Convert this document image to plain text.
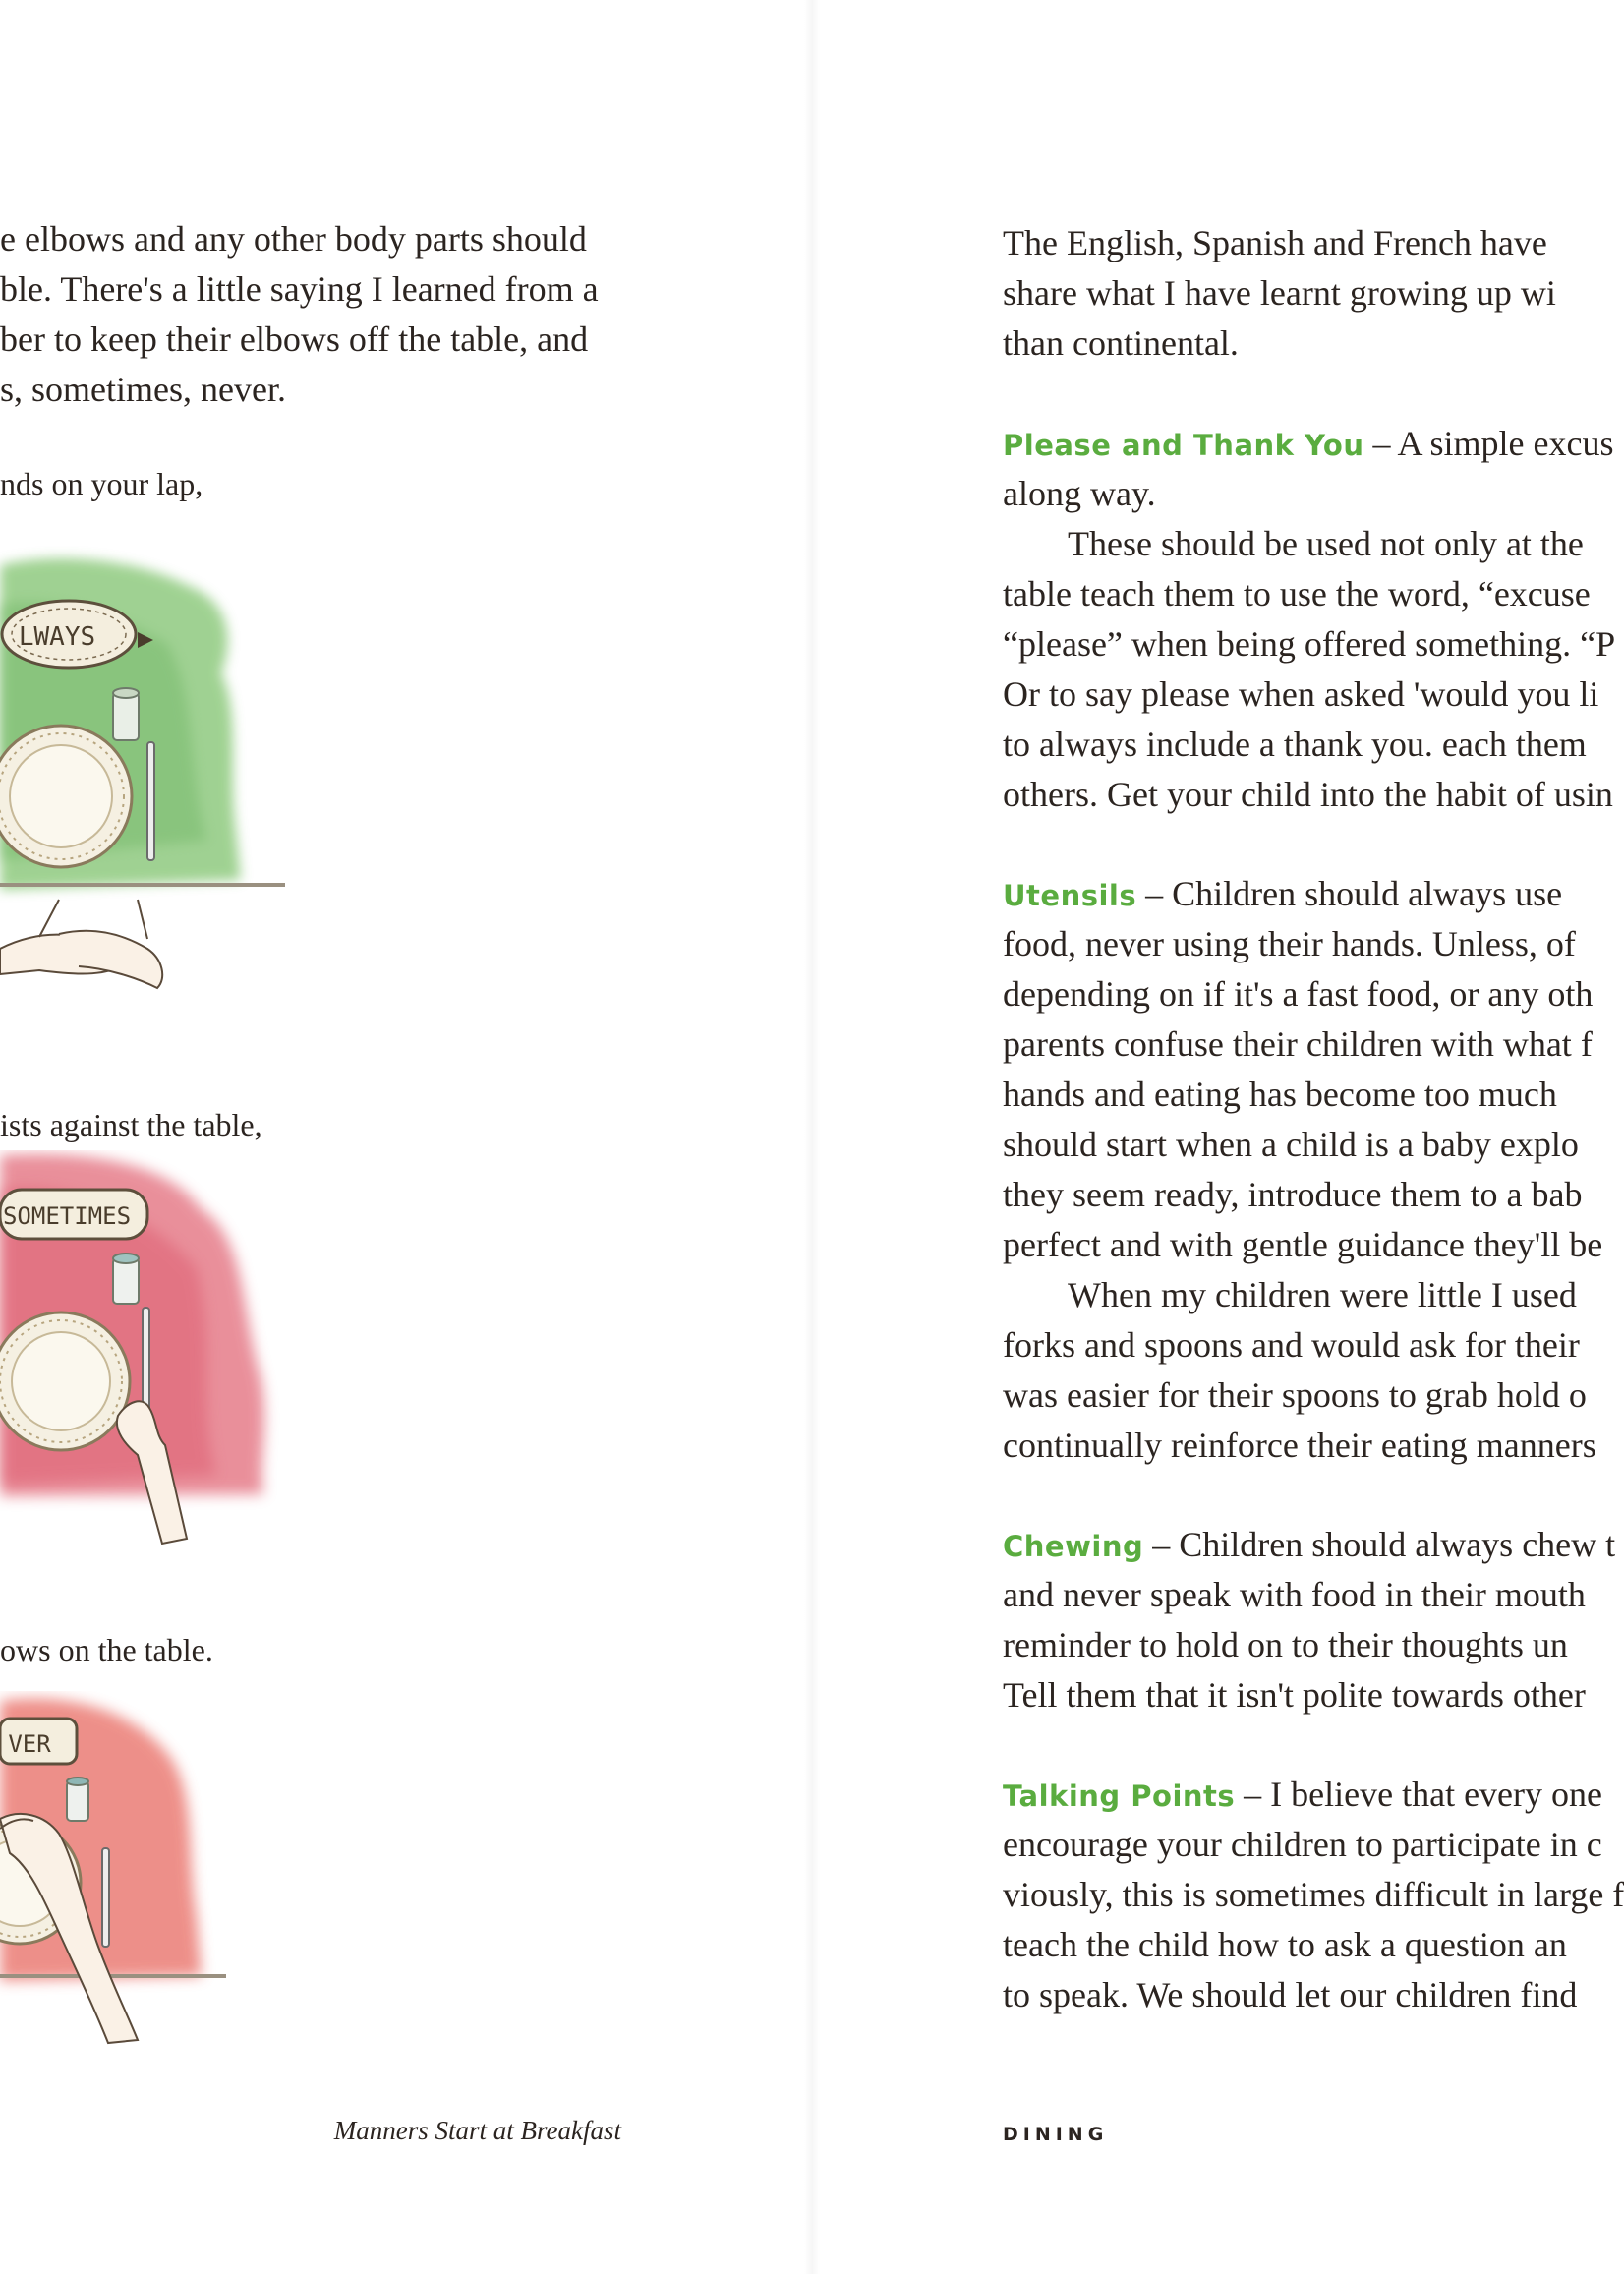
e elbows and any other body parts should
ble. There's a little saying I learned from a
ber to keep their elbows off the table, and
s, sometimes, never.
nds on your lap,
LWAYS
ists against the table,
SOMETIMES
ows on the table.
VER
Manners Start at Breakfast
The English, Spanish and French have
share what I have learnt growing up wi
than continental.
Please and Thank You – A simple excus
along way.
These should be used not only at the
table teach them to use the word, “excuse
“please” when being offered something. “P
Or to say please when asked 'would you li
to always include a thank you. each them
others. Get your child into the habit of usin
Utensils – Children should always use
food, never using their hands. Unless, of
depending on if it's a fast food, or any oth
parents confuse their children with what f
hands and eating has become too much
should start when a child is a baby explo
they seem ready, introduce them to a bab
perfect and with gentle guidance they'll be
When my children were little I used
forks and spoons and would ask for their
was easier for their spoons to grab hold o
continually reinforce their eating manners
Chewing – Children should always chew t
and never speak with food in their mouth
reminder to hold on to their thoughts un
Tell them that it isn't polite towards other
Talking Points – I believe that every one
encourage your children to participate in c
viously, this is sometimes difficult in large f
teach the child how to ask a question an
to speak. We should let our children find
DINING
